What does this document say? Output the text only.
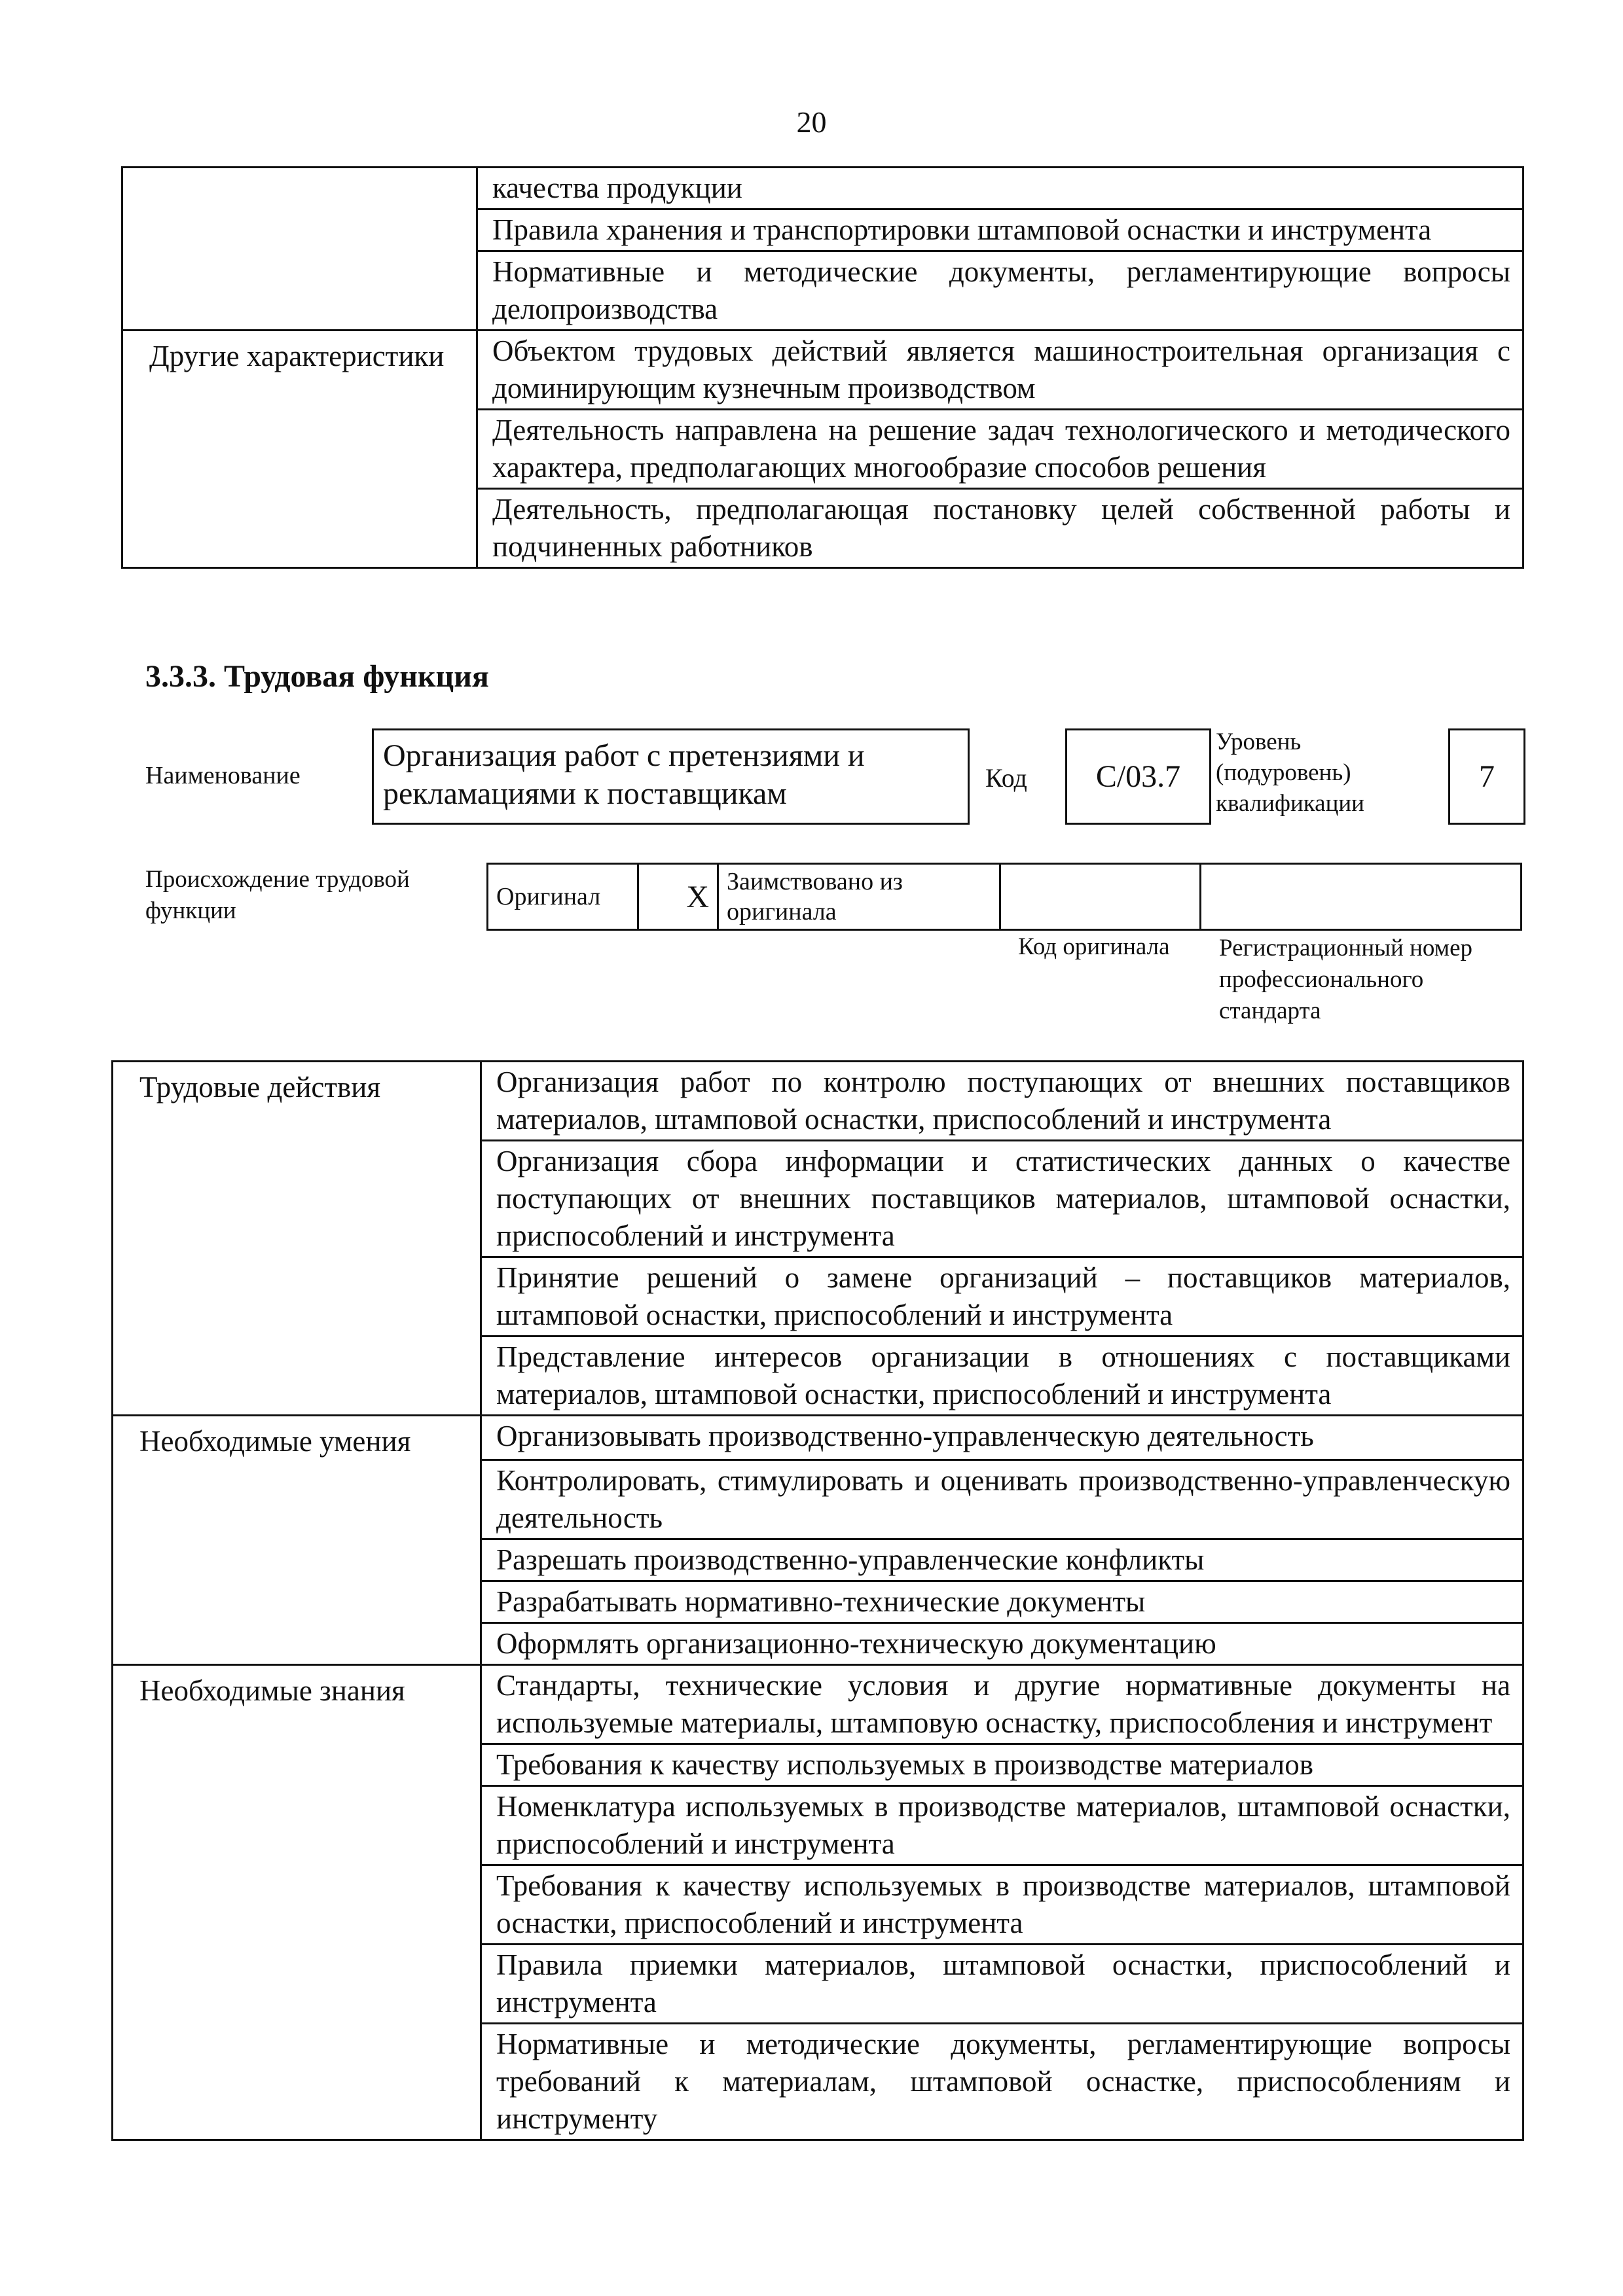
20
	качества продукции
	Правила хранения и транспортировки штамповой оснастки и инструмента
	Нормативные и методические документы, регламентирующие вопросы делопроизводства
Другие характеристики	Объектом трудовых действий является машиностроительная организация с доминирующим кузнечным производством
	Деятельность направлена на решение задач технологического и методического характера, предполагающих многообразие способов решения
	Деятельность, предполагающая постановку целей собственной работы и подчиненных работников
3.3.3. Трудовая функция
Наименование
Организация работ с претензиями и рекламациями к поставщикам	Код	C/03.7
Уровень (подуровень) квалификации
7
Происхождение трудовой функции
Оригинал	X	Заимствовано из оригинала		
Код оригинала Регистрационный номер профессионального стандарта
Трудовые действия	Организация работ по контролю поступающих от внешних поставщиков материалов, штамповой оснастки, приспособлений и инструмента
	Организация сбора информации и статистических данных о качестве поступающих от внешних поставщиков материалов, штамповой оснастки, приспособлений и инструмента
	Принятие решений о замене организаций – поставщиков материалов, штамповой оснастки, приспособлений и инструмента
	Представление интересов организации в отношениях с поставщиками материалов, штамповой оснастки, приспособлений и инструмента
Необходимые умения	Организовывать производственно-управленческую деятельность
	Контролировать, стимулировать и оценивать производственно-управленческую деятельность
	Разрешать производственно-управленческие конфликты
	Разрабатывать нормативно-технические документы
	Оформлять организационно-техническую документацию
Необходимые знания	Стандарты, технические условия и другие нормативные документы на используемые материалы, штамповую оснастку, приспособления и инструмент
	Требования к качеству используемых в производстве материалов
	Номенклатура используемых в производстве материалов, штамповой оснастки, приспособлений и инструмента
	Требования к качеству используемых в производстве материалов, штамповой оснастки, приспособлений и инструмента
	Правила приемки материалов, штамповой оснастки, приспособлений и инструмента
	Нормативные и методические документы, регламентирующие вопросы требований к материалам, штамповой оснастке, приспособлениям и инструменту
